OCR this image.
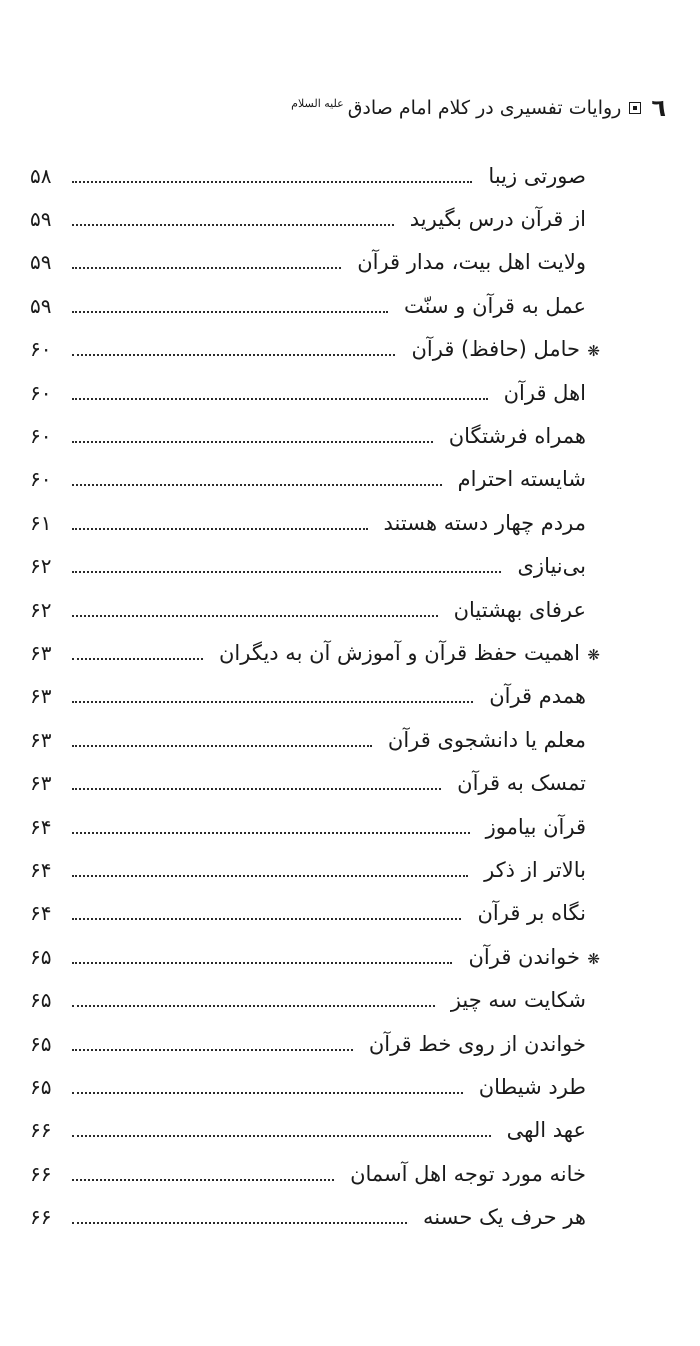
٦
روایات تفسیری در کلام امام صادق
علیه السلام
صورتی زیبا
۵۸
از قرآن درس بگیرید
۵۹
ولایت اهل بیت، مدار قرآن
۵۹
عمل به قرآن و سنّت
۵۹
❋
حامل (حافظ) قرآن
۶۰
اهل قرآن
۶۰
همراه فرشتگان
۶۰
شایسته احترام
۶۰
مردم چهار دسته هستند
۶۱
بی‌نیازی
۶۲
عرفای بهشتیان
۶۲
❋
اهمیت حفظ قرآن و آموزش آن به دیگران
۶۳
همدم قرآن
۶۳
معلم یا دانشجوی قرآن
۶۳
تمسک به قرآن
۶۳
قرآن بیاموز
۶۴
بالاتر از ذکر
۶۴
نگاه بر قرآن
۶۴
❋
خواندن قرآن
۶۵
شکایت سه چیز
۶۵
خواندن از روی خط قرآن
۶۵
طرد شیطان
۶۵
عهد الهی
۶۶
خانه مورد توجه اهل آسمان
۶۶
هر حرف یک حسنه
۶۶
